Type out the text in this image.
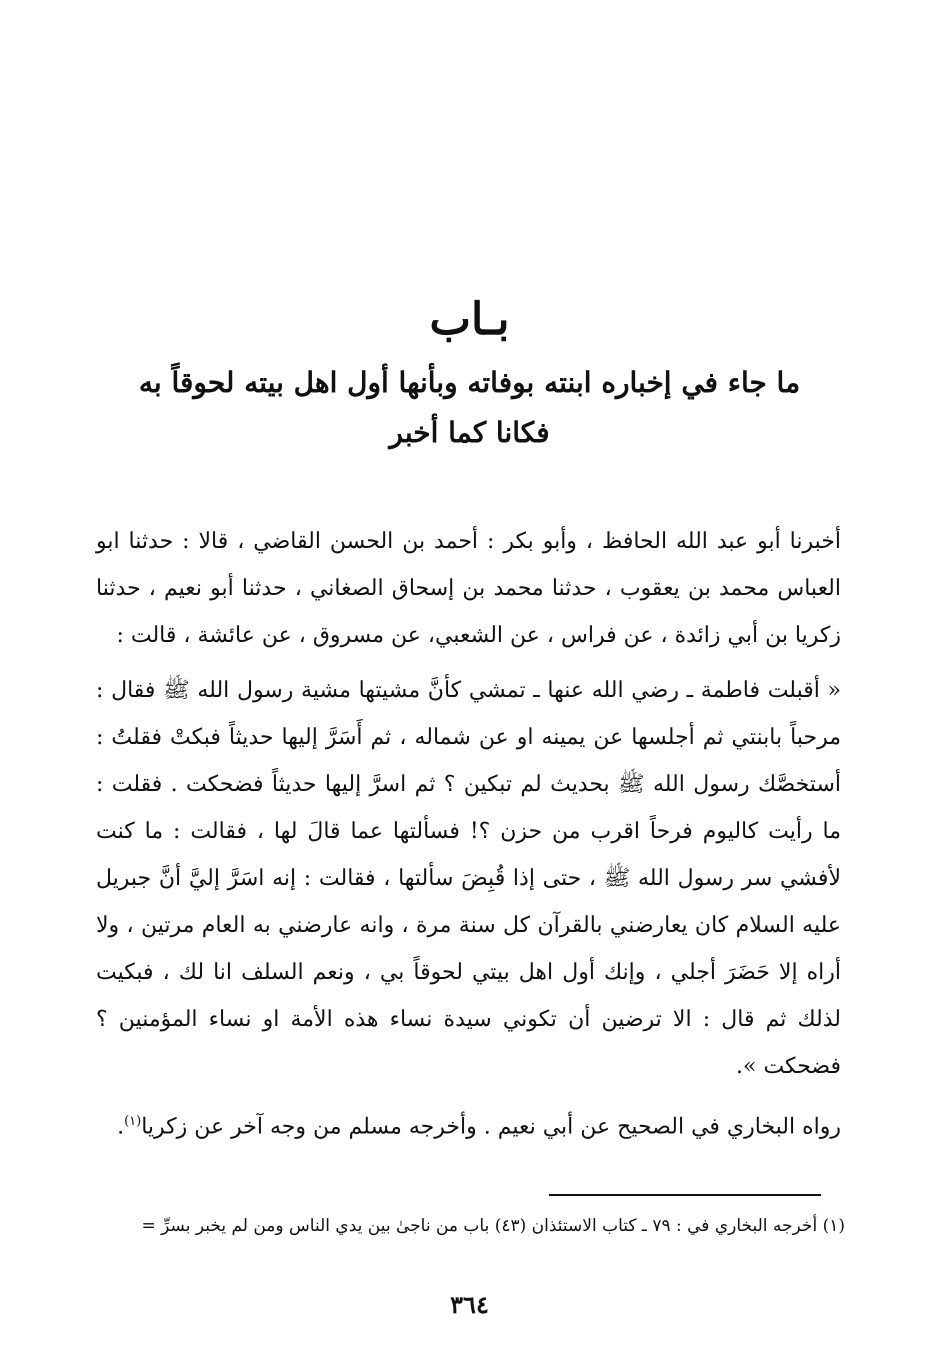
بـاب
ما جاء في إخباره ابنته بوفاته وبأنها أول اهل بيته لحوقاً به
فكانا كما أخبر

أخبرنا أبو عبد الله الحافظ ، وأبو بكر : أحمد بن الحسن القاضي ، قالا : حدثنا ابو العباس محمد بن يعقوب ، حدثنا محمد بن إسحاق الصغاني ، حدثنا أبو نعيم ، حدثنا زكريا بن أبي زائدة ، عن فراس ، عن الشعبي، عن مسروق ، عن عائشة ، قالت :

« أقبلت فاطمة ـ رضي الله عنها ـ تمشي كأنَّ مشيتها مشية رسول الله ﷺ فقال : مرحباً بابنتي ثم أجلسها عن يمينه او عن شماله ، ثم أَسَرَّ إليها حديثاً فبكتْ فقلتُ : أستخصَّك رسول الله ﷺ بحديث لم تبكين ؟ ثم اسرَّ إليها حديثاً فضحكت . فقلت : ما رأيت كاليوم فرحاً اقرب من حزن ؟! فسألتها عما قالَ لها ، فقالت : ما كنت لأفشي سر رسول الله ﷺ ، حتى إذا قُبِضَ سألتها ، فقالت : إنه اسَرَّ إليَّ أنَّ جبريل عليه السلام كان يعارضني بالقرآن كل سنة مرة ، وانه عارضني به العام مرتين ، ولا أراه إلا حَضَرَ أجلي ، وإنك أول اهل بيتي لحوقاً بي ، ونعم السلف انا لك ، فبكيت لذلك ثم قال : الا ترضين أن تكوني سيدة نساء هذه الأمة او نساء المؤمنين ؟ فضحكت ».

رواه البخاري في الصحيح عن أبي نعيم . وأخرجه مسلم من وجه آخر عن زكريا$^{(١)}$.

(١) أخرجه البخاري في : ٧٩ ـ كتاب الاستئذان (٤٣) باب من ناجىٰ بين يدي الناس ومن لم يخبر بسرِّ =
٣٦٤
